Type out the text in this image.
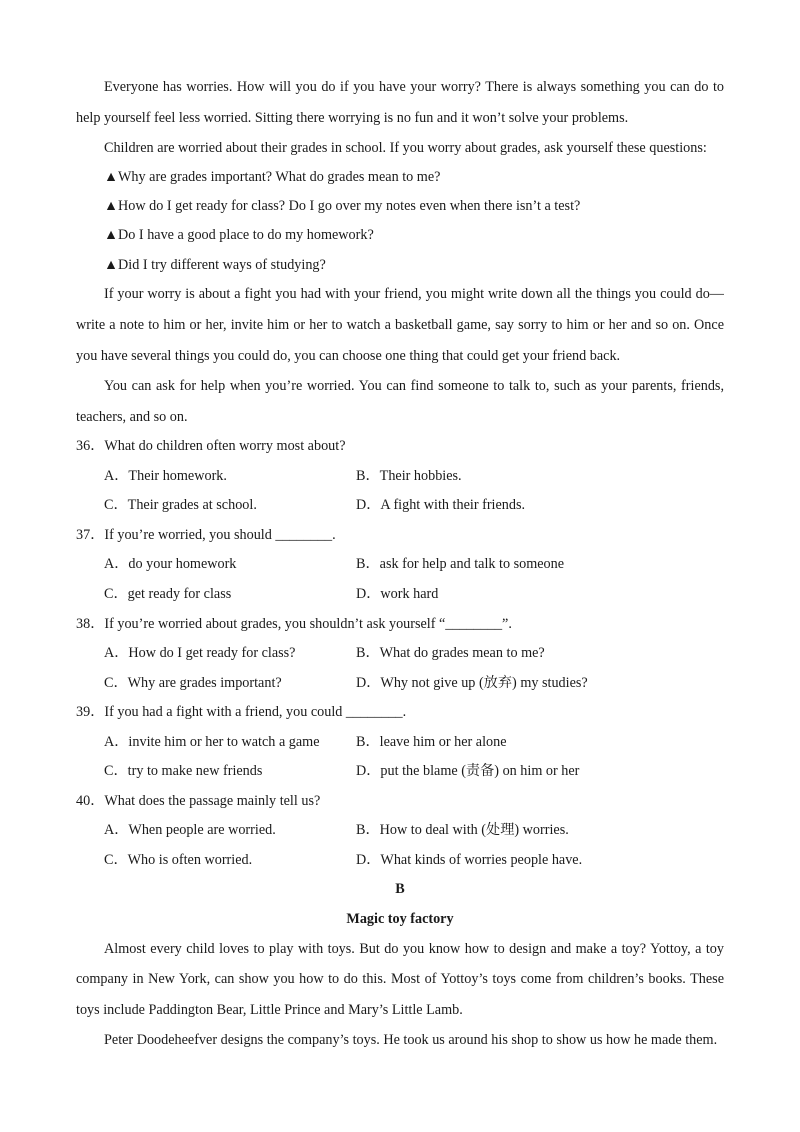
Everyone has worries. How will you do if you have your worry? There is always something you can do to
help yourself feel less worried. Sitting there worrying is no fun and it won’t solve your problems.
Children are worried about their grades in school. If you worry about grades, ask yourself these questions:
▲Why are grades important? What do grades mean to me?
▲How do I get ready for class? Do I go over my notes even when there isn’t a test?
▲Do I have a good place to do my homework?
▲Did I try different ways of studying?
If your worry is about a fight you had with your friend, you might write down all the things you could do—
write a note to him or her, invite him or her to watch a basketball game, say sorry to him or her and so on. Once
you have several things you could do, you can choose one thing that could get your friend back.
You can ask for help when you’re worried. You can find someone to talk to, such as your parents, friends,
teachers, and so on.
36．What do children often worry most about?
A．Their homework.	B．Their hobbies.
C．Their grades at school.	D．A fight with their friends.
37．If you’re worried, you should ________.
A．do your homework	B．ask for help and talk to someone
C．get ready for class	D．work hard
38．If you’re worried about grades, you shouldn’t ask yourself “________”.
A．How do I get ready for class?	B．What do grades mean to me?
C．Why are grades important?	D．Why not give up (放弃) my studies?
39．If you had a fight with a friend, you could ________.
A．invite him or her to watch a game	B．leave him or her alone
C．try to make new friends	D．put the blame (责备) on him or her
40．What does the passage mainly tell us?
A．When people are worried.	B．How to deal with (处理) worries.
C．Who is often worried.	D．What kinds of worries people have.
B
Magic toy factory
Almost every child loves to play with toys. But do you know how to design and make a toy? Yottoy, a toy
company in New York, can show you how to do this. Most of Yottoy’s toys come from children’s books. These
toys include Paddington Bear, Little Prince and Mary’s Little Lamb.
Peter Doodeheefver designs the company’s toys. He took us around his shop to show us how he made them.
